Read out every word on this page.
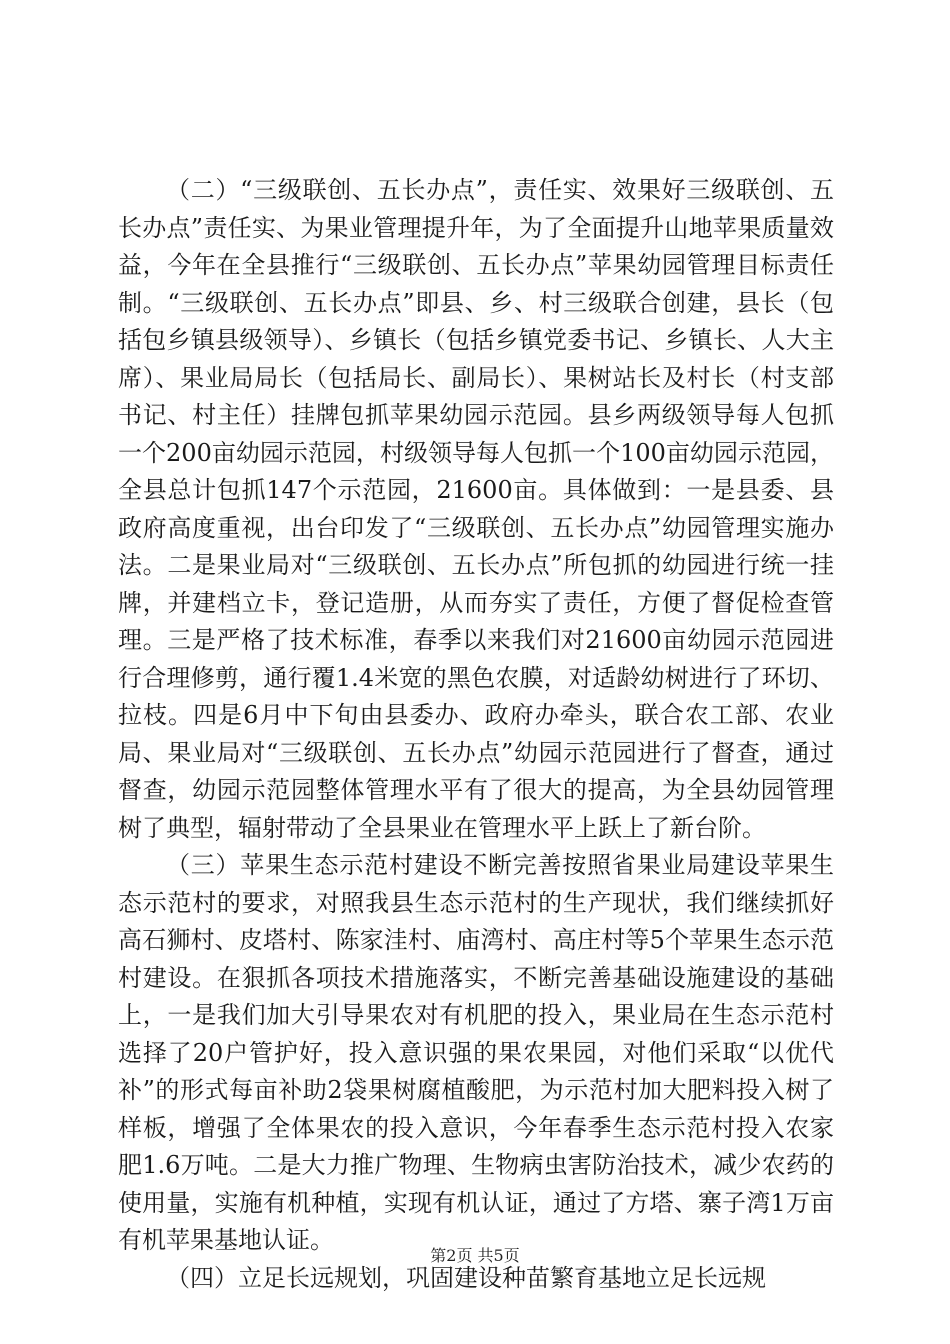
（二）“三级联创、五长办点”，责任实、效果好三级联创、五长办点”责任实、为果业管理提升年，为了全面提升山地苹果质量效益，今年在全县推行“三级联创、五长办点”苹果幼园管理目标责任制。“三级联创、五长办点”即县、乡、村三级联合创建，县长（包括包乡镇县级领导）、乡镇长（包括乡镇党委书记、乡镇长、人大主席）、果业局局长（包括局长、副局长）、果树站长及村长（村支部书记、村主任）挂牌包抓苹果幼园示范园。县乡两级领导每人包抓一个200亩幼园示范园，村级领导每人包抓一个100亩幼园示范园，全县总计包抓147个示范园，21600亩。具体做到：一是县委、县政府高度重视，出台印发了“三级联创、五长办点”幼园管理实施办法。二是果业局对“三级联创、五长办点”所包抓的幼园进行统一挂牌，并建档立卡，登记造册，从而夯实了责任，方便了督促检查管理。三是严格了技术标准，春季以来我们对21600亩幼园示范园进行合理修剪，通行覆1.4米宽的黑色农膜，对适龄幼树进行了环切、拉枝。四是6月中下旬由县委办、政府办牵头，联合农工部、农业局、果业局对“三级联创、五长办点”幼园示范园进行了督查，通过督查，幼园示范园整体管理水平有了很大的提高，为全县幼园管理树了典型，辐射带动了全县果业在管理水平上跃上了新台阶。

（三）苹果生态示范村建设不断完善按照省果业局建设苹果生态示范村的要求，对照我县生态示范村的生产现状，我们继续抓好高石狮村、皮塔村、陈家洼村、庙湾村、高庄村等5个苹果生态示范村建设。在狠抓各项技术措施落实，不断完善基础设施建设的基础上，一是我们加大引导果农对有机肥的投入，果业局在生态示范村选择了20户管护好，投入意识强的果农果园，对他们采取“以优代补”的形式每亩补助2袋果树腐植酸肥，为示范村加大肥料投入树了样板，增强了全体果农的投入意识，今年春季生态示范村投入农家肥1.6万吨。二是大力推广物理、生物病虫害防治技术，减少农药的使用量，实施有机种植，实现有机认证，通过了方塔、寨子湾1万亩有机苹果基地认证。

（四）立足长远规划，巩固建设种苗繁育基地立足长远规

第2页 共5页
